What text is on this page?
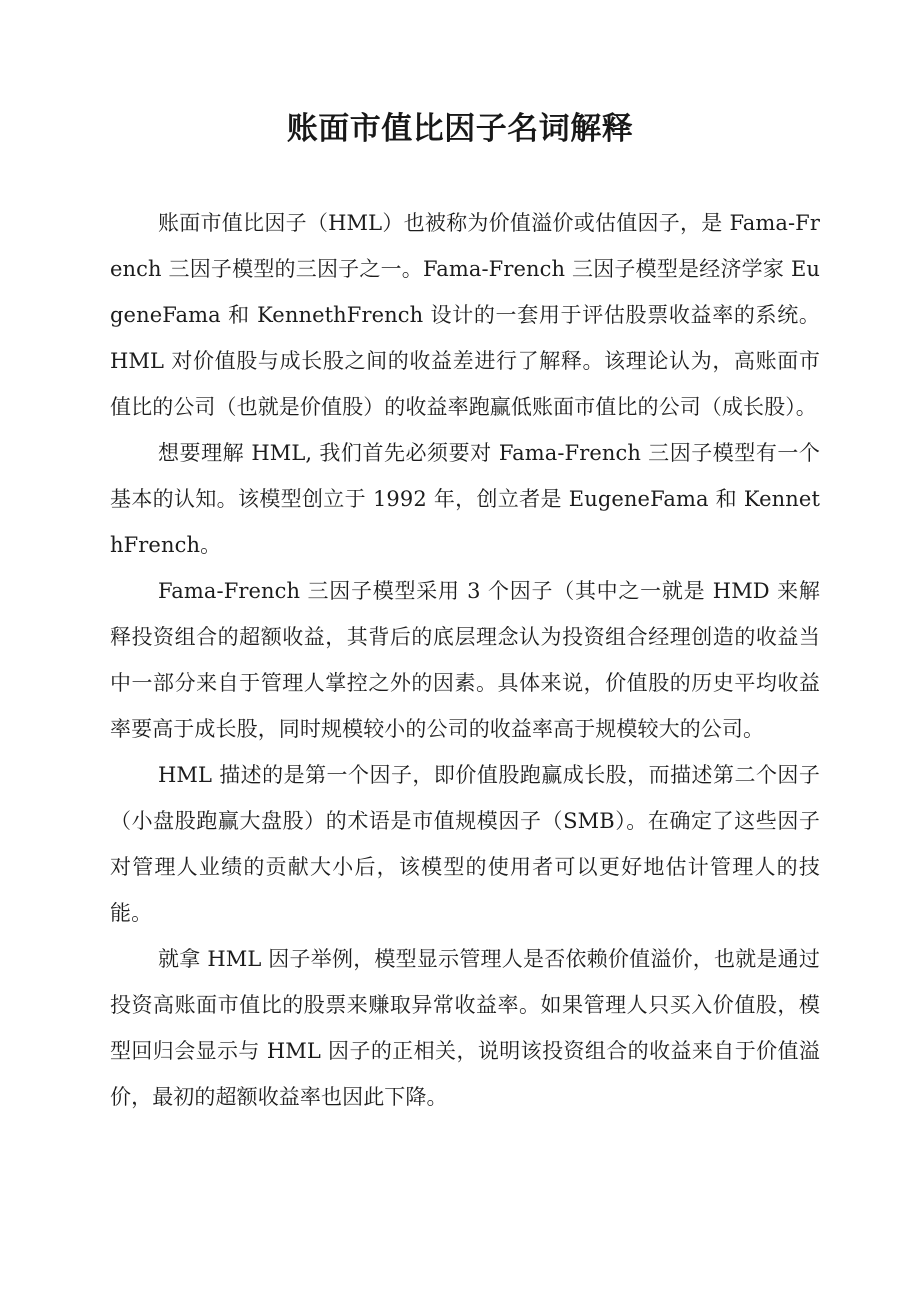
账面市值比因子名词解释

账面市值比因子（HML）也被称为价值溢价或估值因子，是 Fama-French 三因子模型的三因子之一。Fama-French 三因子模型是经济学家 EugeneFama 和 KennethFrench 设计的一套用于评估股票收益率的系统。HML 对价值股与成长股之间的收益差进行了解释。该理论认为，高账面市值比的公司（也就是价值股）的收益率跑赢低账面市值比的公司（成长股）。

想要理解 HML, 我们首先必须要对 Fama-French 三因子模型有一个基本的认知。该模型创立于 1992 年，创立者是 EugeneFama 和 KennethFrench。

Fama-French 三因子模型采用 3 个因子（其中之一就是 HMD 来解释投资组合的超额收益，其背后的底层理念认为投资组合经理创造的收益当中一部分来自于管理人掌控之外的因素。具体来说，价值股的历史平均收益率要高于成长股，同时规模较小的公司的收益率高于规模较大的公司。

HML 描述的是第一个因子，即价值股跑赢成长股，而描述第二个因子（小盘股跑赢大盘股）的术语是市值规模因子（SMB）。在确定了这些因子对管理人业绩的贡献大小后，该模型的使用者可以更好地估计管理人的技能。

就拿 HML 因子举例，模型显示管理人是否依赖价值溢价，也就是通过投资高账面市值比的股票来赚取异常收益率。如果管理人只买入价值股，模型回归会显示与 HML 因子的正相关，说明该投资组合的收益来自于价值溢价，最初的超额收益率也因此下降。
